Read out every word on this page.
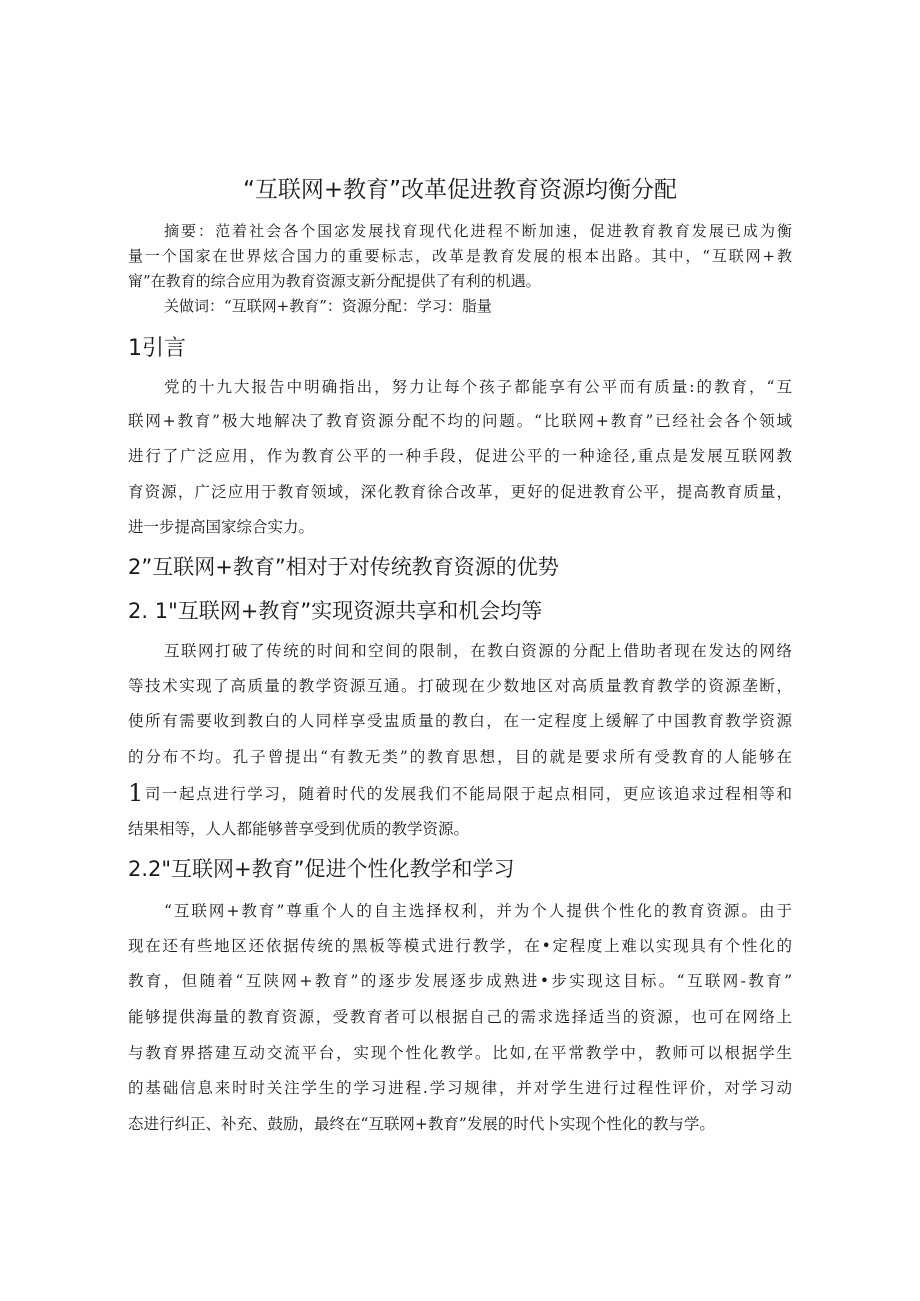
“互联网+教育”改革促进教育资源均衡分配
摘要：范着社会各个国宓发展找育现代化进程不断加速，促进教育教育发展已成为衡
量一个国家在世界炫合国力的重要标志，改革是教育发展的根本出路。其中，“互联网+教
甯”在教育的综合应用为教育资源支新分配提供了有利的机遇。
关做词：“互联网+教育”：资源分配：学习：脂量
1引言
党的十九大报告中明确指出，努力让每个孩子都能享有公平而有质量:的教育，“互
联网+教育”极大地解决了教育资源分配不均的问题。“比联网+教育”已经社会各个领域
进行了广泛应用，作为教育公平的一种手段，促进公平的一种途径,重点是发展互联网教
育资源，广泛应用于教育领域，深化教育徐合改革，更好的促进教育公平，提高教育质量，
进一步提高国家综合实力。
2”互联网+教育”相对于对传统教育资源的优势
2. 1"互联网+教育”实现资源共享和机会均等
互联网打破了传统的时间和空间的限制，在教白资源的分配上借助者现在发达的网络
等技术实现了高质量的教学资源互通。打破现在少数地区对高质量教育教学的资源垄断，
使所有需要收到教白的人同样享受盅质量的教白，在一定程度上缓解了中国教育教学资源
的分布不均。孔子曾提出“有教无类”的教育思想，目的就是要求所有受教育的人能够在
1司一起点进行学习，随着时代的发展我们不能局限于起点相同，更应该追求过程相等和
结果相等，人人都能够普享受到优质的教学资源。
2.2"互联网+教育”促进个性化教学和学习
“互联网+教育”尊重个人的自主选择权利，并为个人提供个性化的教育资源。由于
现在还有些地区还依据传统的黑板等模式进行教学，在•定程度上难以实现具有个性化的
教育，但随着“互陕网+教育”的逐步发展逐步成熟进•步实现这目标。“互联网-教育”
能够提供海量的教育资源，受教育者可以根据自己的需求选择适当的资源，也可在网络上
与教育界搭建互动交流平台，实现个性化教学。比如,在平常教学中，教师可以根据学生
的基础信息来时时关注学生的学习进程.学习规律，并对学生进行过程性评价，对学习动
态进行纠正、补充、鼓励，最终在“互联网+教育”发展的时代卜实现个性化的教与学。
